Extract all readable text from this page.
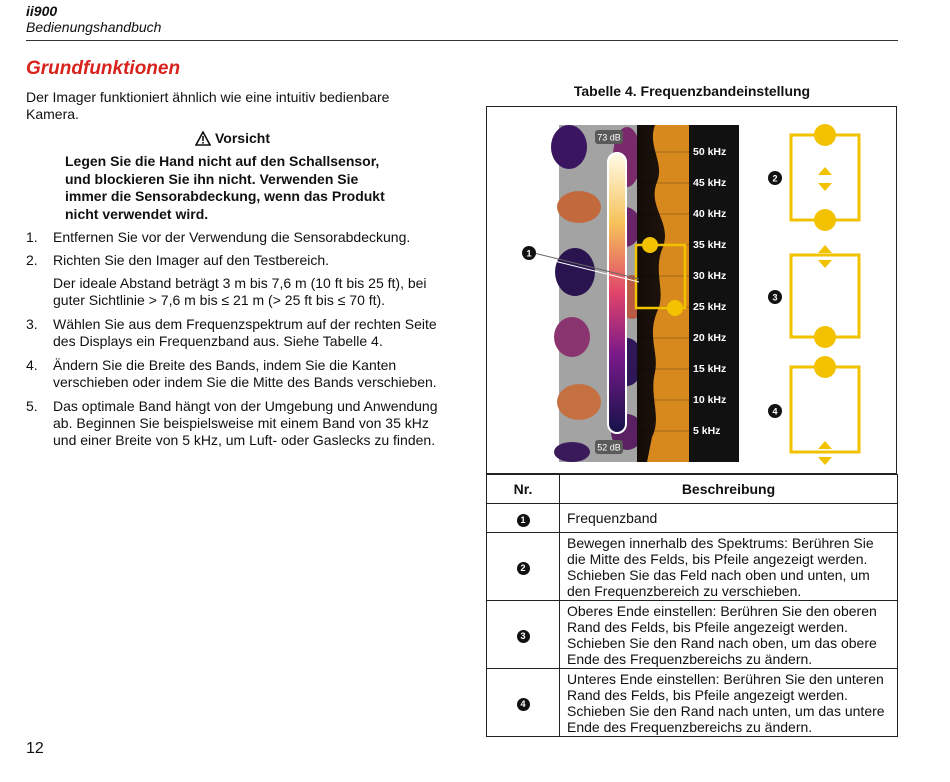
ii900
Bedienungshandbuch
Grundfunktionen
Der Imager funktioniert ähnlich wie eine intuitiv bedienbare Kamera.
Vorsicht
Legen Sie die Hand nicht auf den Schallsensor, und blockieren Sie ihn nicht. Verwenden Sie immer die Sensorabdeckung, wenn das Produkt nicht verwendet wird.
1. Entfernen Sie vor der Verwendung die Sensorabdeckung.
2. Richten Sie den Imager auf den Testbereich.
Der ideale Abstand beträgt 3 m bis 7,6 m (10 ft bis 25 ft), bei guter Sichtlinie > 7,6 m bis ≤ 21 m (> 25 ft bis ≤ 70 ft).
3. Wählen Sie aus dem Frequenzspektrum auf der rechten Seite des Displays ein Frequenzband aus. Siehe Tabelle 4.
4. Ändern Sie die Breite des Bands, indem Sie die Kanten verschieben oder indem Sie die Mitte des Bands verschieben.
5. Das optimale Band hängt von der Umgebung und Anwendung ab. Beginnen Sie beispielsweise mit einem Band von 35 kHz und einer Breite von 5 kHz, um Luft- oder Gaslecks zu finden.
Tabelle 4. Frequenzbandeinstellung
73 dB
52 dB
50 kHz
45 kHz
40 kHz
35 kHz
30 kHz
25 kHz
20 kHz
15 kHz
10 kHz
5 kHz
1
2
3
4
Nr.	Beschreibung
1	Frequenzband
2	Bewegen innerhalb des Spektrums: Berühren Sie die Mitte des Felds, bis Pfeile angezeigt werden. Schieben Sie das Feld nach oben und unten, um den Frequenzbereich zu verschieben.
3	Oberes Ende einstellen: Berühren Sie den oberen Rand des Felds, bis Pfeile angezeigt werden. Schieben Sie den Rand nach oben, um das obere Ende des Frequenzbereichs zu ändern.
4	Unteres Ende einstellen: Berühren Sie den unteren Rand des Felds, bis Pfeile angezeigt werden. Schieben Sie den Rand nach unten, um das untere Ende des Frequenzbereichs zu ändern.
12
